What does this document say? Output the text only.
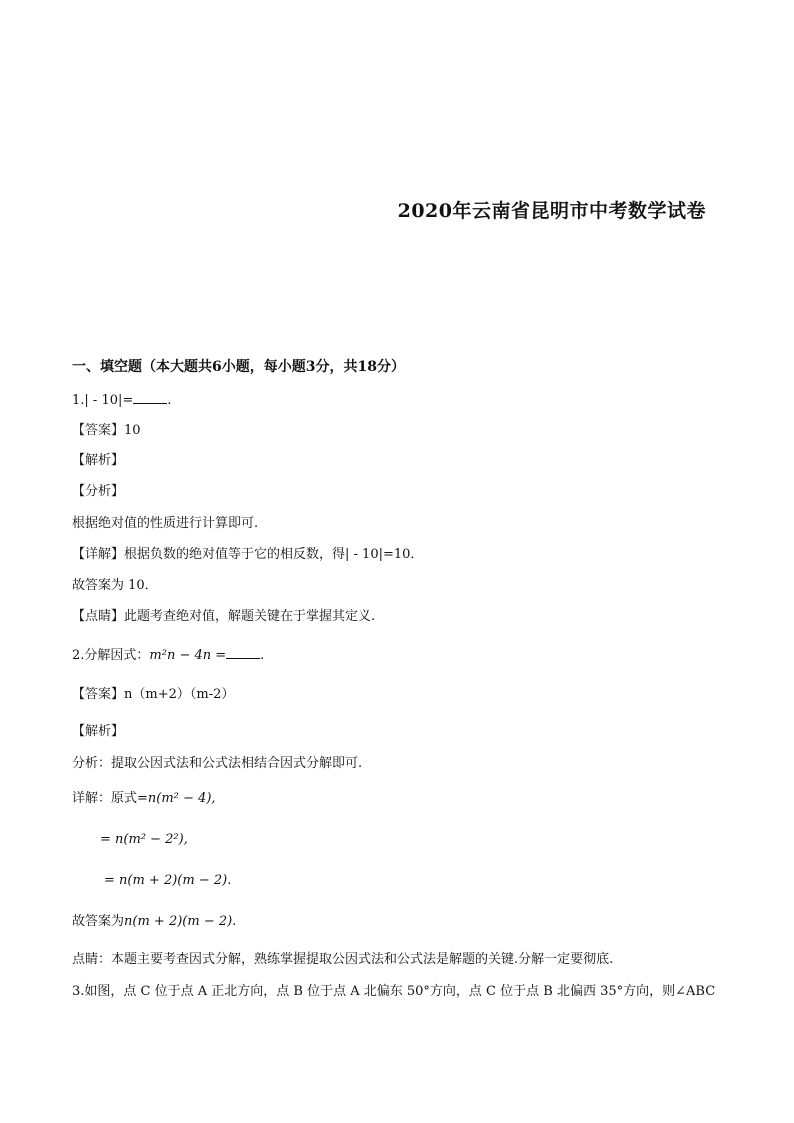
2020年云南省昆明市中考数学试卷
一、填空题（本大题共6小题，每小题3分，共18分）
1.| - 10|=	.
【答案】10
【解析】
【分析】
根据绝对值的性质进行计算即可.
【详解】根据负数的绝对值等于它的相反数，得| - 10|=10．
故答案为 10．
【点睛】此题考查绝对值，解题关键在于掌握其定义.
2.分解因式：m²n − 4n =	.
【答案】n（m+2）（m-2）
【解析】
分析：提取公因式法和公式法相结合因式分解即可.
详解：原式=n(m² − 4),
= n(m² − 2²),
= n(m + 2)(m − 2).
故答案为n(m + 2)(m − 2).
点睛：本题主要考查因式分解，熟练掌握提取公因式法和公式法是解题的关键.分解一定要彻底.
3.如图，点 C 位于点 A 正北方向，点 B 位于点 A 北偏东 50°方向，点 C 位于点 B 北偏西 35°方向，则∠ABC
